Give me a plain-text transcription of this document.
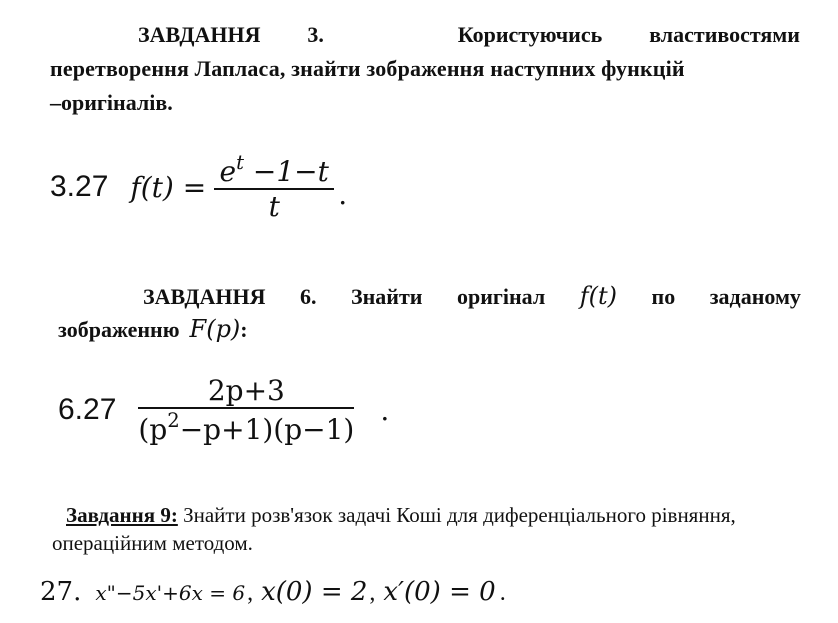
ЗАВДАННЯ 3.	Користуючись властивостями
перетворення Лапласа, знайти зображення наступних функцій
–оригіналів.
3.27 $f(t) = \frac{e^t -1-t}{t}$ .
ЗАВДАННЯ 6. Знайти оригінал f(t) по заданому
зображенню F(p) :
$6.27 \frac{2p+3}{(p^2-p+1)(p-1)}$ .
Завдання 9: Знайти розв'язок задачі Коші для диференціального рівняння,
операційним методом.
27. x"−5x'+6x = 6 , x(0) = 2 , x′(0) = 0 .
